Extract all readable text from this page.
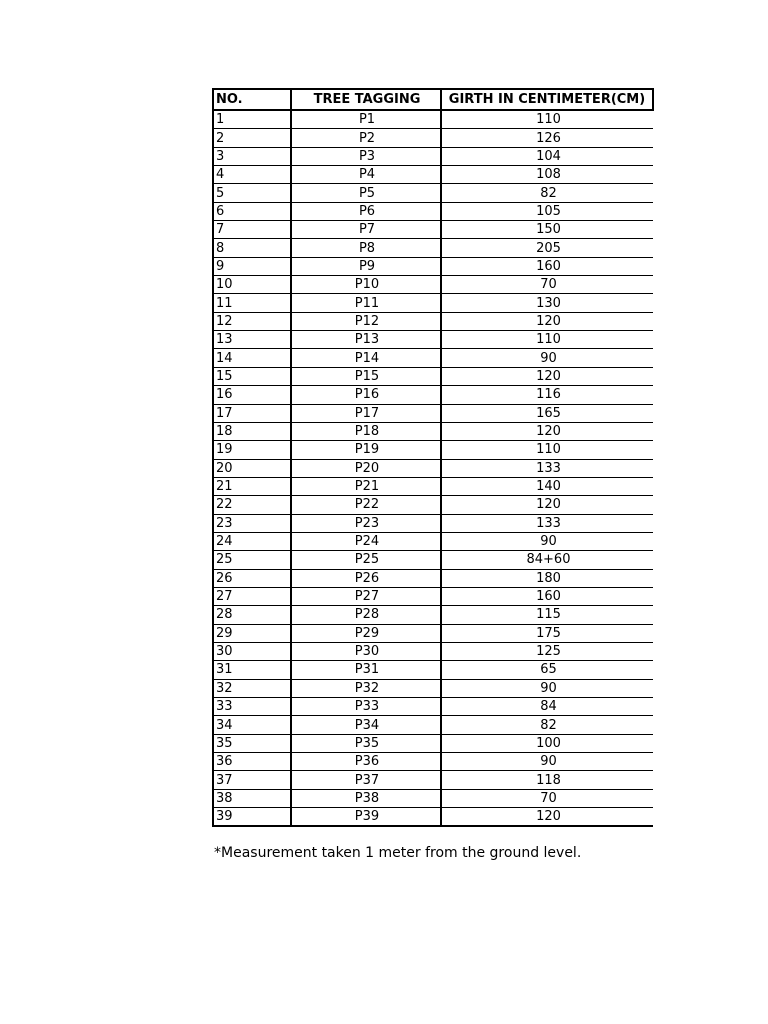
NO.	TREE TAGGING	GIRTH IN CENTIMETER(CM)
1	P1	110
2	P2	126
3	P3	104
4	P4	108
5	P5	82
6	P6	105
7	P7	150
8	P8	205
9	P9	160
10	P10	70
11	P11	130
12	P12	120
13	P13	110
14	P14	90
15	P15	120
16	P16	116
17	P17	165
18	P18	120
19	P19	110
20	P20	133
21	P21	140
22	P22	120
23	P23	133
24	P24	90
25	P25	84+60
26	P26	180
27	P27	160
28	P28	115
29	P29	175
30	P30	125
31	P31	65
32	P32	90
33	P33	84
34	P34	82
35	P35	100
36	P36	90
37	P37	118
38	P38	70
39	P39	120
*Measurement taken 1 meter from the ground level.
